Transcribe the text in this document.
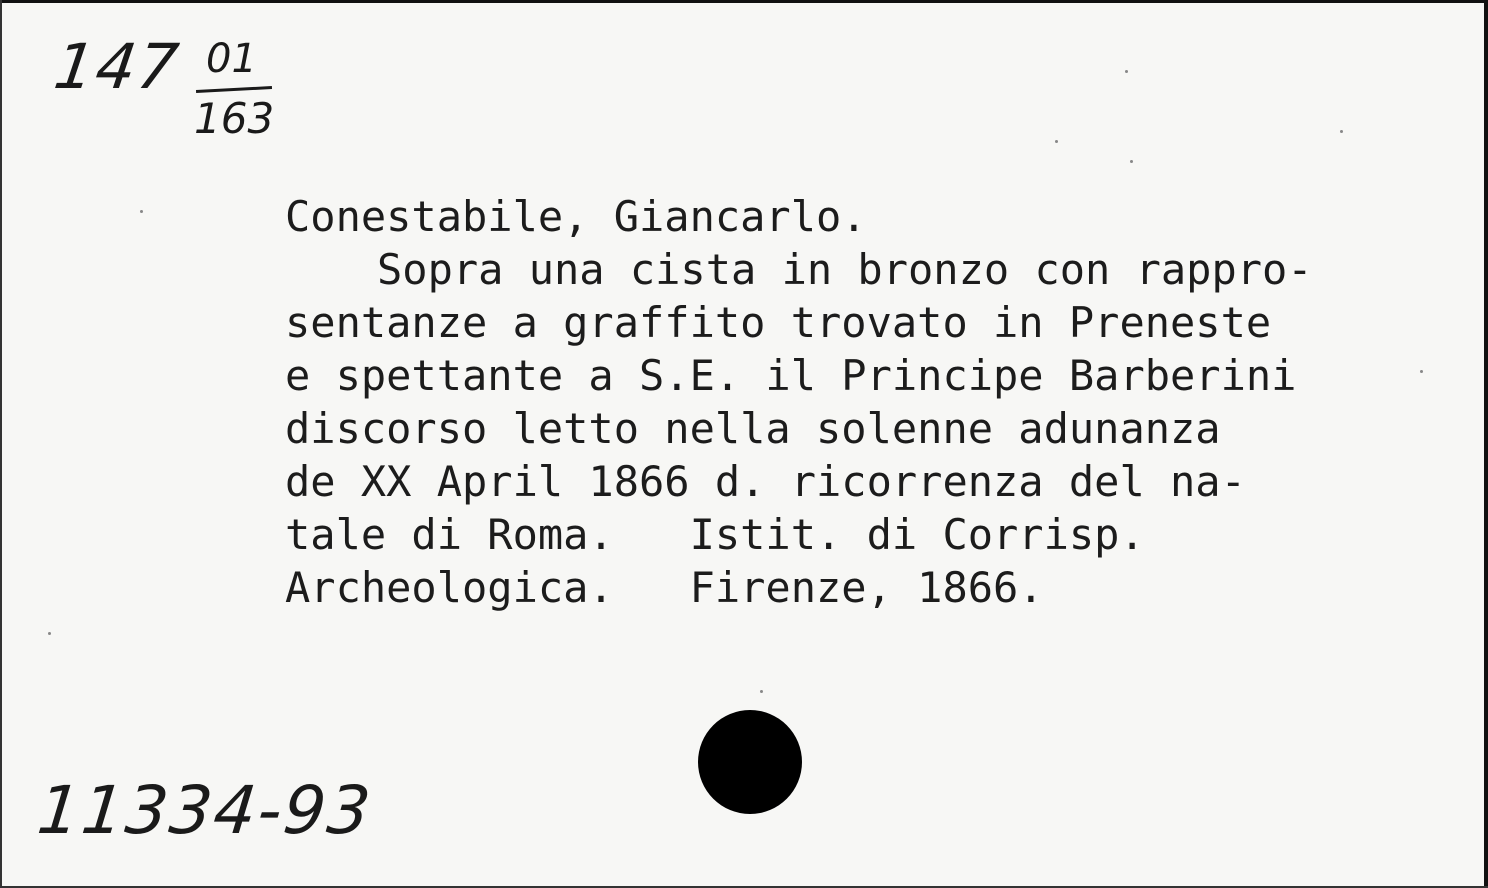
147 01

163

Conestabile, Giancarlo.
Sopra una cista in bronzo con rappro-
sentanze a graffito trovato in Preneste
e spettante a S.E. il Principe Barberini
discorso letto nella solenne adunanza
de XX April 1866 d. ricorrenza del na-
tale di Roma.   Istit. di Corrisp.
Archeologica.   Firenze, 1866.

11334-93
